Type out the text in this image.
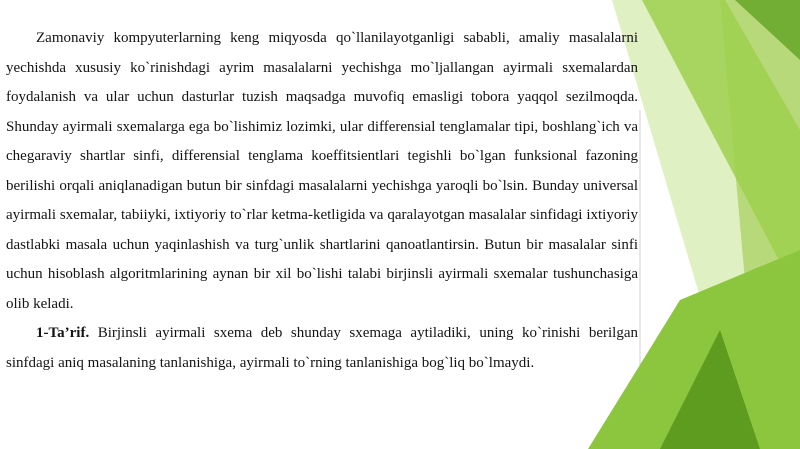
Zamonaviy kompyuterlarning keng miqyosda qo`llanilayotganligi sababli, amaliy masalalarni yechishda xususiy ko`rinishdagi ayrim masalalarni yechishga mo`ljallangan ayirmali sxemalardan foydalanish va ular uchun dasturlar tuzish maqsadga muvofiq emasligi tobora yaqqol sezilmoqda. Shunday ayirmali sxemalarga ega bo`lishimiz lozimki, ular differensial tenglamalar tipi, boshlang`ich va chegaraviy shartlar sinfi, differensial tenglama koeffitsientlari tegishli bo`lgan funksional fazoning berilishi orqali aniqlanadigan butun bir sinfdagi masalalarni yechishga yaroqli bo`lsin. Bunday universal ayirmali sxemalar, tabiiyki, ixtiyoriy to`rlar ketma-ketligida va qaralayotgan masalalar sinfidagi ixtiyoriy dastlabki masala uchun yaqinlashish va turg`unlik shartlarini qanoatlantirsin. Butun bir masalalar sinfi uchun hisoblash algoritmlarining aynan bir xil bo`lishi talabi birjinsli ayirmali sxemalar tushunchasiga olib keladi.

1-Ta’rif. Birjinsli ayirmali sxema deb shunday sxemaga aytiladiki, uning ko`rinishi berilgan sinfdagi aniq masalaning tanlanishiga, ayirmali to`rning tanlanishiga bog`liq bo`lmaydi.
